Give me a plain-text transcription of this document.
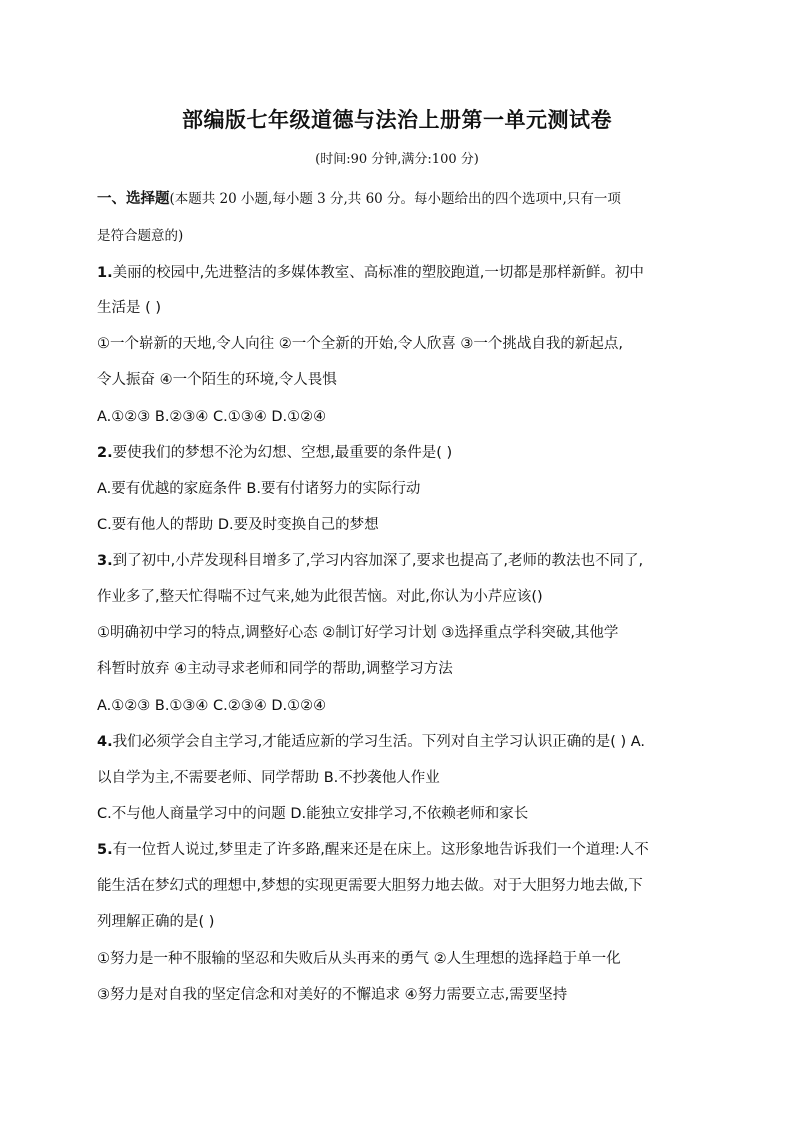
部编版七年级道德与法治上册第一单元测试卷
(时间:90 分钟,满分:100 分)
一、选择题(本题共 20 小题,每小题 3 分,共 60 分。每小题给出的四个选项中,只有一项
是符合题意的)
1.美丽的校园中,先进整洁的多媒体教室、高标准的塑胶跑道,一切都是那样新鲜。初中
生活是 ( )
①一个崭新的天地,令人向往 ②一个全新的开始,令人欣喜 ③一个挑战自我的新起点,
令人振奋 ④一个陌生的环境,令人畏惧
A.①②③ B.②③④ C.①③④ D.①②④
2.要使我们的梦想不沦为幻想、空想,最重要的条件是( )
A.要有优越的家庭条件 B.要有付诸努力的实际行动
C.要有他人的帮助 D.要及时变换自己的梦想
3.到了初中,小芹发现科目增多了,学习内容加深了,要求也提高了,老师的教法也不同了,
作业多了,整天忙得喘不过气来,她为此很苦恼。对此,你认为小芹应该()
①明确初中学习的特点,调整好心态 ②制订好学习计划 ③选择重点学科突破,其他学
科暂时放弃 ④主动寻求老师和同学的帮助,调整学习方法
A.①②③ B.①③④ C.②③④ D.①②④
4.我们必须学会自主学习,才能适应新的学习生活。下列对自主学习认识正确的是( ) A.
以自学为主,不需要老师、同学帮助 B.不抄袭他人作业
C.不与他人商量学习中的问题 D.能独立安排学习,不依赖老师和家长
5.有一位哲人说过,梦里走了许多路,醒来还是在床上。这形象地告诉我们一个道理:人不
能生活在梦幻式的理想中,梦想的实现更需要大胆努力地去做。对于大胆努力地去做,下
列理解正确的是( )
①努力是一种不服输的坚忍和失败后从头再来的勇气 ②人生理想的选择趋于单一化
③努力是对自我的坚定信念和对美好的不懈追求 ④努力需要立志,需要坚持
